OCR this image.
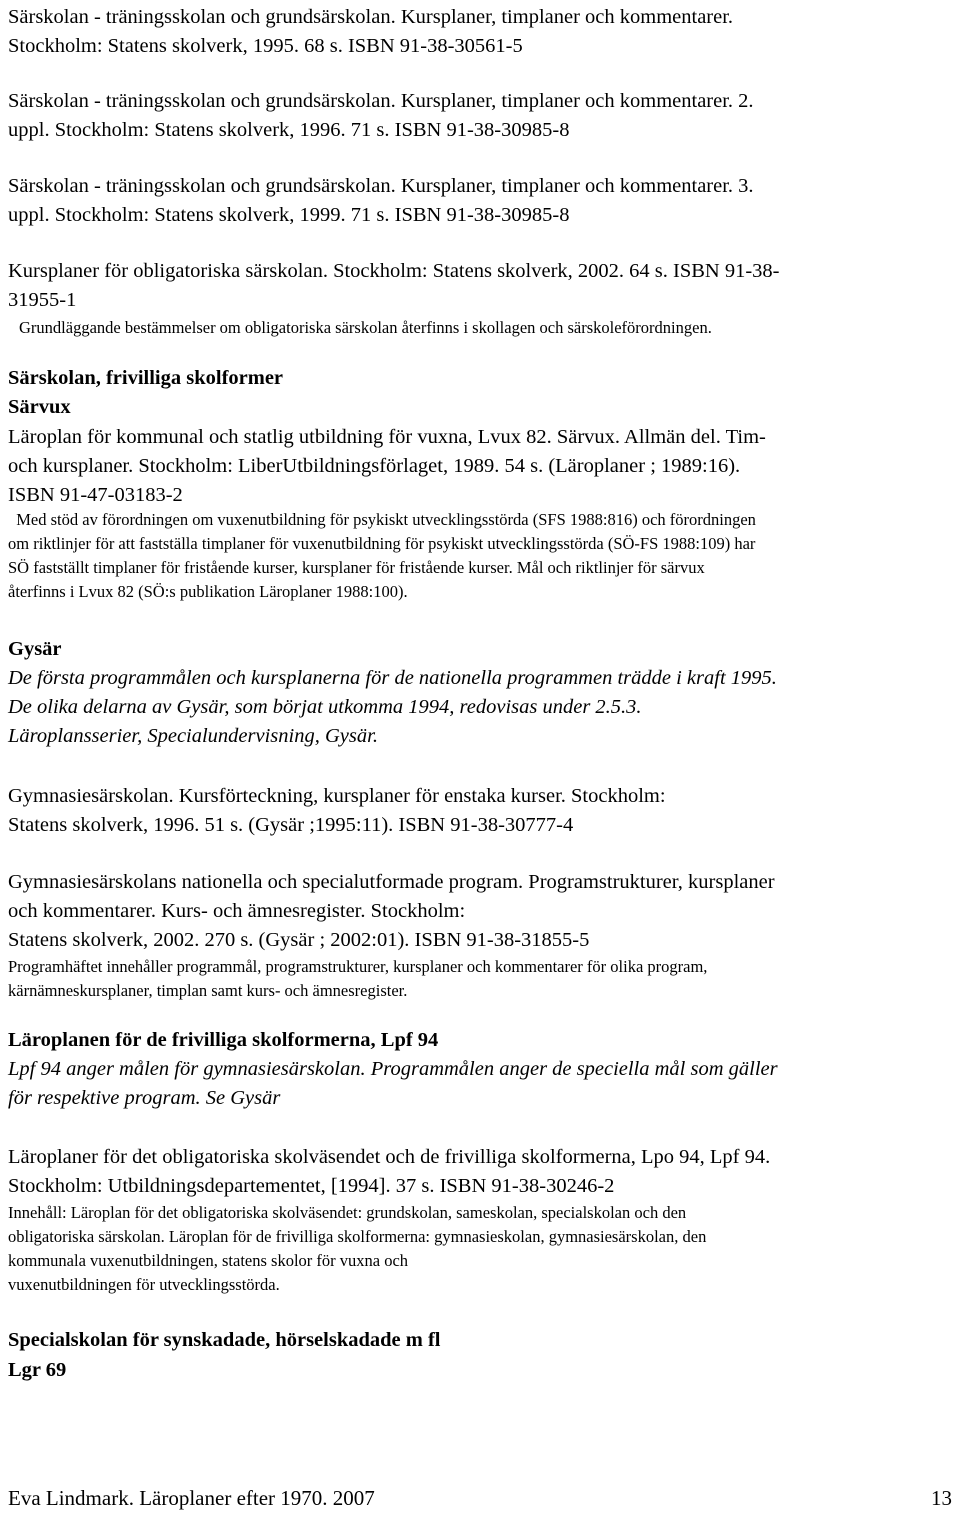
Särskolan - träningsskolan och grundsärskolan. Kursplaner, timplaner och kommentarer.
Stockholm: Statens skolverk, 1995. 68 s. ISBN 91-38-30561-5

Särskolan - träningsskolan och grundsärskolan. Kursplaner, timplaner och kommentarer. 2.
uppl. Stockholm: Statens skolverk, 1996. 71 s. ISBN 91-38-30985-8

Särskolan - träningsskolan och grundsärskolan. Kursplaner, timplaner och kommentarer. 3.
uppl. Stockholm: Statens skolverk, 1999. 71 s. ISBN 91-38-30985-8

Kursplaner för obligatoriska särskolan. Stockholm: Statens skolverk, 2002. 64 s. ISBN 91-38-
31955-1

Grundläggande bestämmelser om obligatoriska särskolan återfinns i skollagen och särskoleförordningen.

Särskolan, frivilliga skolformer

Särvux

Läroplan för kommunal och statlig utbildning för vuxna, Lvux 82. Särvux. Allmän del. Tim-
och kursplaner. Stockholm: LiberUtbildningsförlaget, 1989. 54 s. (Läroplaner ; 1989:16).
ISBN 91-47-03183-2

Med stöd av förordningen om vuxenutbildning för psykiskt utvecklingsstörda (SFS 1988:816) och förordningen
om riktlinjer för att fastställa timplaner för vuxenutbildning för psykiskt utvecklingsstörda (SÖ-FS 1988:109) har
SÖ fastställt timplaner för fristående kurser, kursplaner för fristående kurser. Mål och riktlinjer för särvux
återfinns i Lvux 82 (SÖ:s publikation Läroplaner 1988:100).

Gysär

De första programmålen och kursplanerna för de nationella programmen trädde i kraft 1995.
De olika delarna av Gysär, som börjat utkomma 1994, redovisas under 2.5.3.
Läroplansserier, Specialundervisning, Gysär.

Gymnasiesärskolan. Kursförteckning, kursplaner för enstaka kurser. Stockholm:
Statens skolverk, 1996. 51 s. (Gysär ;1995:11). ISBN 91-38-30777-4

Gymnasiesärskolans nationella och specialutformade program. Programstrukturer, kursplaner
och kommentarer. Kurs- och ämnesregister. Stockholm:
Statens skolverk, 2002. 270 s. (Gysär ; 2002:01). ISBN 91-38-31855-5

Programhäftet innehåller programmål, programstrukturer, kursplaner och kommentarer för olika program,
kärnämneskursplaner, timplan samt kurs- och ämnesregister.

Läroplanen för de frivilliga skolformerna, Lpf 94

Lpf 94 anger målen för gymnasiesärskolan. Programmålen anger de speciella mål som gäller
för respektive program. Se Gysär

Läroplaner för det obligatoriska skolväsendet och de frivilliga skolformerna, Lpo 94, Lpf 94.
Stockholm: Utbildningsdepartementet, [1994]. 37 s. ISBN 91-38-30246-2

Innehåll: Läroplan för det obligatoriska skolväsendet: grundskolan, sameskolan, specialskolan och den
obligatoriska särskolan. Läroplan för de frivilliga skolformerna: gymnasieskolan, gymnasiesärskolan, den
kommunala vuxenutbildningen, statens skolor för vuxna och
vuxenutbildningen för utvecklingsstörda.

Specialskolan för synskadade, hörselskadade m fl

Lgr 69

Eva Lindmark. Läroplaner efter 1970. 2007	13
